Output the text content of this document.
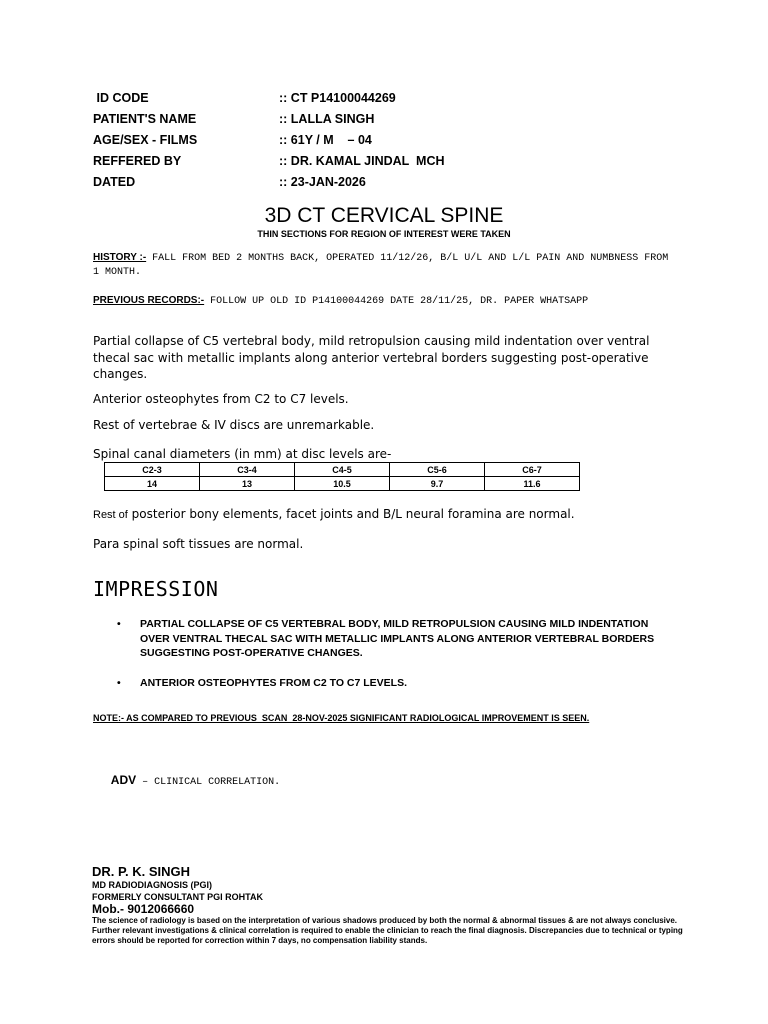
ID CODE	:: CT P14100044269
PATIENT'S NAME	:: LALLA SINGH
AGE/SEX - FILMS	:: 61Y / M    – 04
REFFERED BY	:: DR. KAMAL JINDAL  MCH
DATED	:: 23-JAN-2026
3D CT CERVICAL SPINE
THIN SECTIONS FOR REGION OF INTEREST WERE TAKEN
HISTORY :- FALL FROM BED 2 MONTHS BACK, OPERATED 11/12/26, B/L U/L AND L/L PAIN AND NUMBNESS FROM 1 MONTH.
PREVIOUS RECORDS:- FOLLOW UP OLD ID P14100044269 DATE 28/11/25, DR. PAPER WHATSAPP
Partial collapse of C5 vertebral body, mild retropulsion causing mild indentation over ventral thecal sac with metallic implants along anterior vertebral borders suggesting post-operative changes.
Anterior osteophytes from C2 to C7 levels.
Rest of vertebrae & IV discs are unremarkable.
Spinal canal diameters (in mm) at disc levels are-
C2-3	C3-4	C4-5	C5-6	C6-7
14	13	10.5	9.7	11.6
Rest of posterior bony elements, facet joints and B/L neural foramina are normal.
Para spinal soft tissues are normal.
IMPRESSION
• PARTIAL COLLAPSE OF C5 VERTEBRAL BODY, MILD RETROPULSION CAUSING MILD INDENTATION OVER VENTRAL THECAL SAC WITH METALLIC IMPLANTS ALONG ANTERIOR VERTEBRAL BORDERS SUGGESTING POST-OPERATIVE CHANGES.
• ANTERIOR OSTEOPHYTES FROM C2 TO C7 LEVELS.
NOTE:- AS COMPARED TO PREVIOUS  SCAN  28-NOV-2025 SIGNIFICANT RADIOLOGICAL IMPROVEMENT IS SEEN.

ADV – CLINICAL CORRELATION.

DR. P. K. SINGH
MD RADIODIAGNOSIS (PGI)
FORMERLY CONSULTANT PGI ROHTAK
Mob.- 9012066660
The science of radiology is based on the interpretation of various shadows produced by both the normal & abnormal tissues & are not always conclusive. Further relevant investigations & clinical correlation is required to enable the clinician to reach the final diagnosis. Discrepancies due to technical or typing errors should be reported for correction within 7 days, no compensation liability stands.
